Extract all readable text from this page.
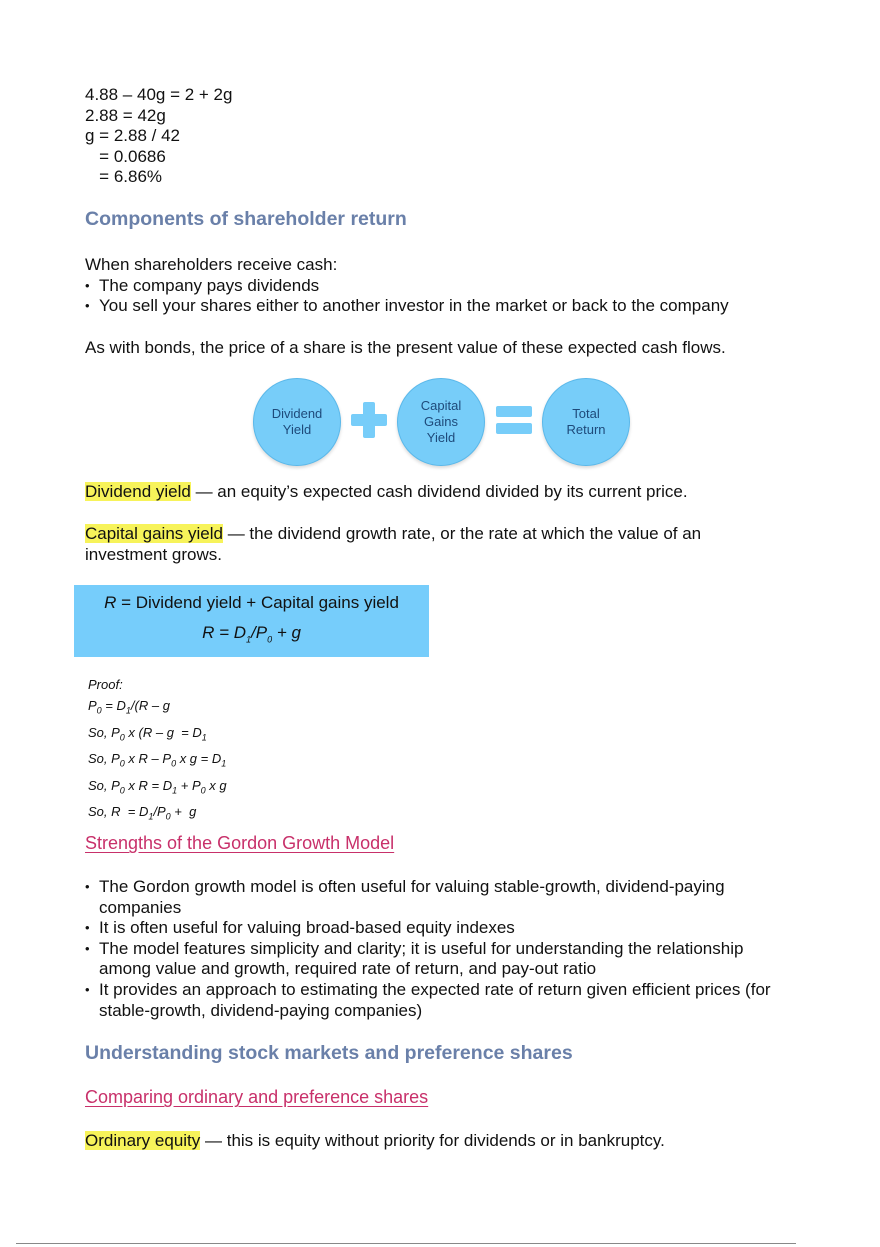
4.88 – 40g = 2 + 2g
2.88 = 42g
g = 2.88 / 42
= 0.0686
= 6.86%
Components of shareholder return
When shareholders receive cash:
• The company pays dividends
• You sell your shares either to another investor in the market or back to the company
As with bonds, the price of a share is the present value of these expected cash flows.
Dividend Yield
Capital Gains Yield
Total Return
Dividend yield — an equity’s expected cash dividend divided by its current price.
Capital gains yield — the dividend growth rate, or the rate at which the value of an investment grows.
R = Dividend yield + Capital gains yield
$R = D_1/P_0 + g$
Proof:
$P_0 = D_1/(R - g$
So, $P_0$ x ($R - g = D_1$
So, $P_0$ x R – $P_0$ x $g = D_1$
So, $P_0$ x $R = D_1 + P_0$ x g
So, $R = D_1/P_0 + g$
Strengths of the Gordon Growth Model
• The Gordon growth model is often useful for valuing stable-growth, dividend-paying companies
• It is often useful for valuing broad-based equity indexes
• The model features simplicity and clarity; it is useful for understanding the relationship among value and growth, required rate of return, and pay-out ratio
• It provides an approach to estimating the expected rate of return given efficient prices (for stable-growth, dividend-paying companies)
Understanding stock markets and preference shares
Comparing ordinary and preference shares
Ordinary equity — this is equity without priority for dividends or in bankruptcy.
